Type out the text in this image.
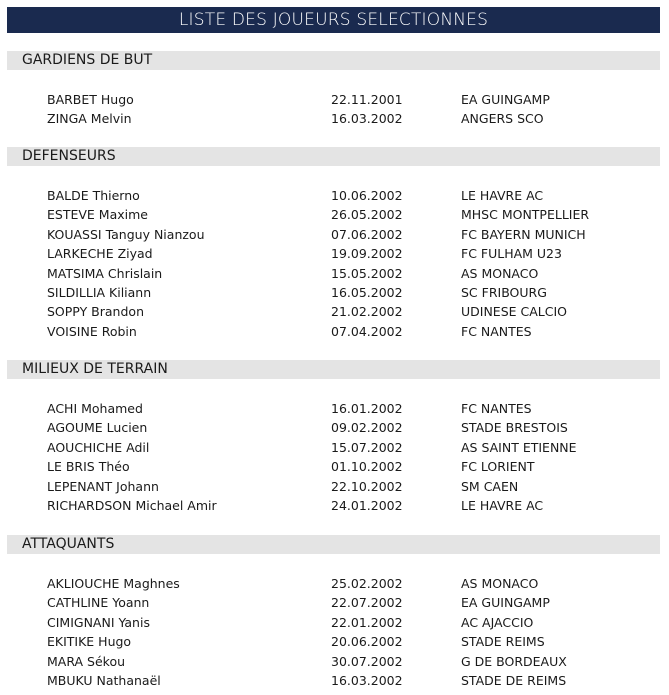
LISTE DES JOUEURS SELECTIONNES
GARDIENS DE BUT
BARBET Hugo	22.11.2001	EA GUINGAMP
ZINGA Melvin	16.03.2002	ANGERS SCO
DEFENSEURS
BALDE Thierno	10.06.2002	LE HAVRE AC
ESTEVE Maxime	26.05.2002	MHSC MONTPELLIER
KOUASSI Tanguy Nianzou	07.06.2002	FC BAYERN MUNICH
LARKECHE Ziyad	19.09.2002	FC FULHAM U23
MATSIMA Chrislain	15.05.2002	AS MONACO
SILDILLIA Kiliann	16.05.2002	SC FRIBOURG
SOPPY Brandon	21.02.2002	UDINESE CALCIO
VOISINE Robin	07.04.2002	FC NANTES
MILIEUX DE TERRAIN
ACHI Mohamed	16.01.2002	FC NANTES
AGOUME Lucien	09.02.2002	STADE BRESTOIS
AOUCHICHE Adil	15.07.2002	AS SAINT ETIENNE
LE BRIS Théo	01.10.2002	FC LORIENT
LEPENANT Johann	22.10.2002	SM CAEN
RICHARDSON Michael Amir	24.01.2002	LE HAVRE AC
ATTAQUANTS
AKLIOUCHE Maghnes	25.02.2002	AS MONACO
CATHLINE Yoann	22.07.2002	EA GUINGAMP
CIMIGNANI Yanis	22.01.2002	AC AJACCIO
EKITIKE Hugo	20.06.2002	STADE REIMS
MARA Sékou	30.07.2002	G DE BORDEAUX
MBUKU Nathanaël	16.03.2002	STADE DE REIMS
